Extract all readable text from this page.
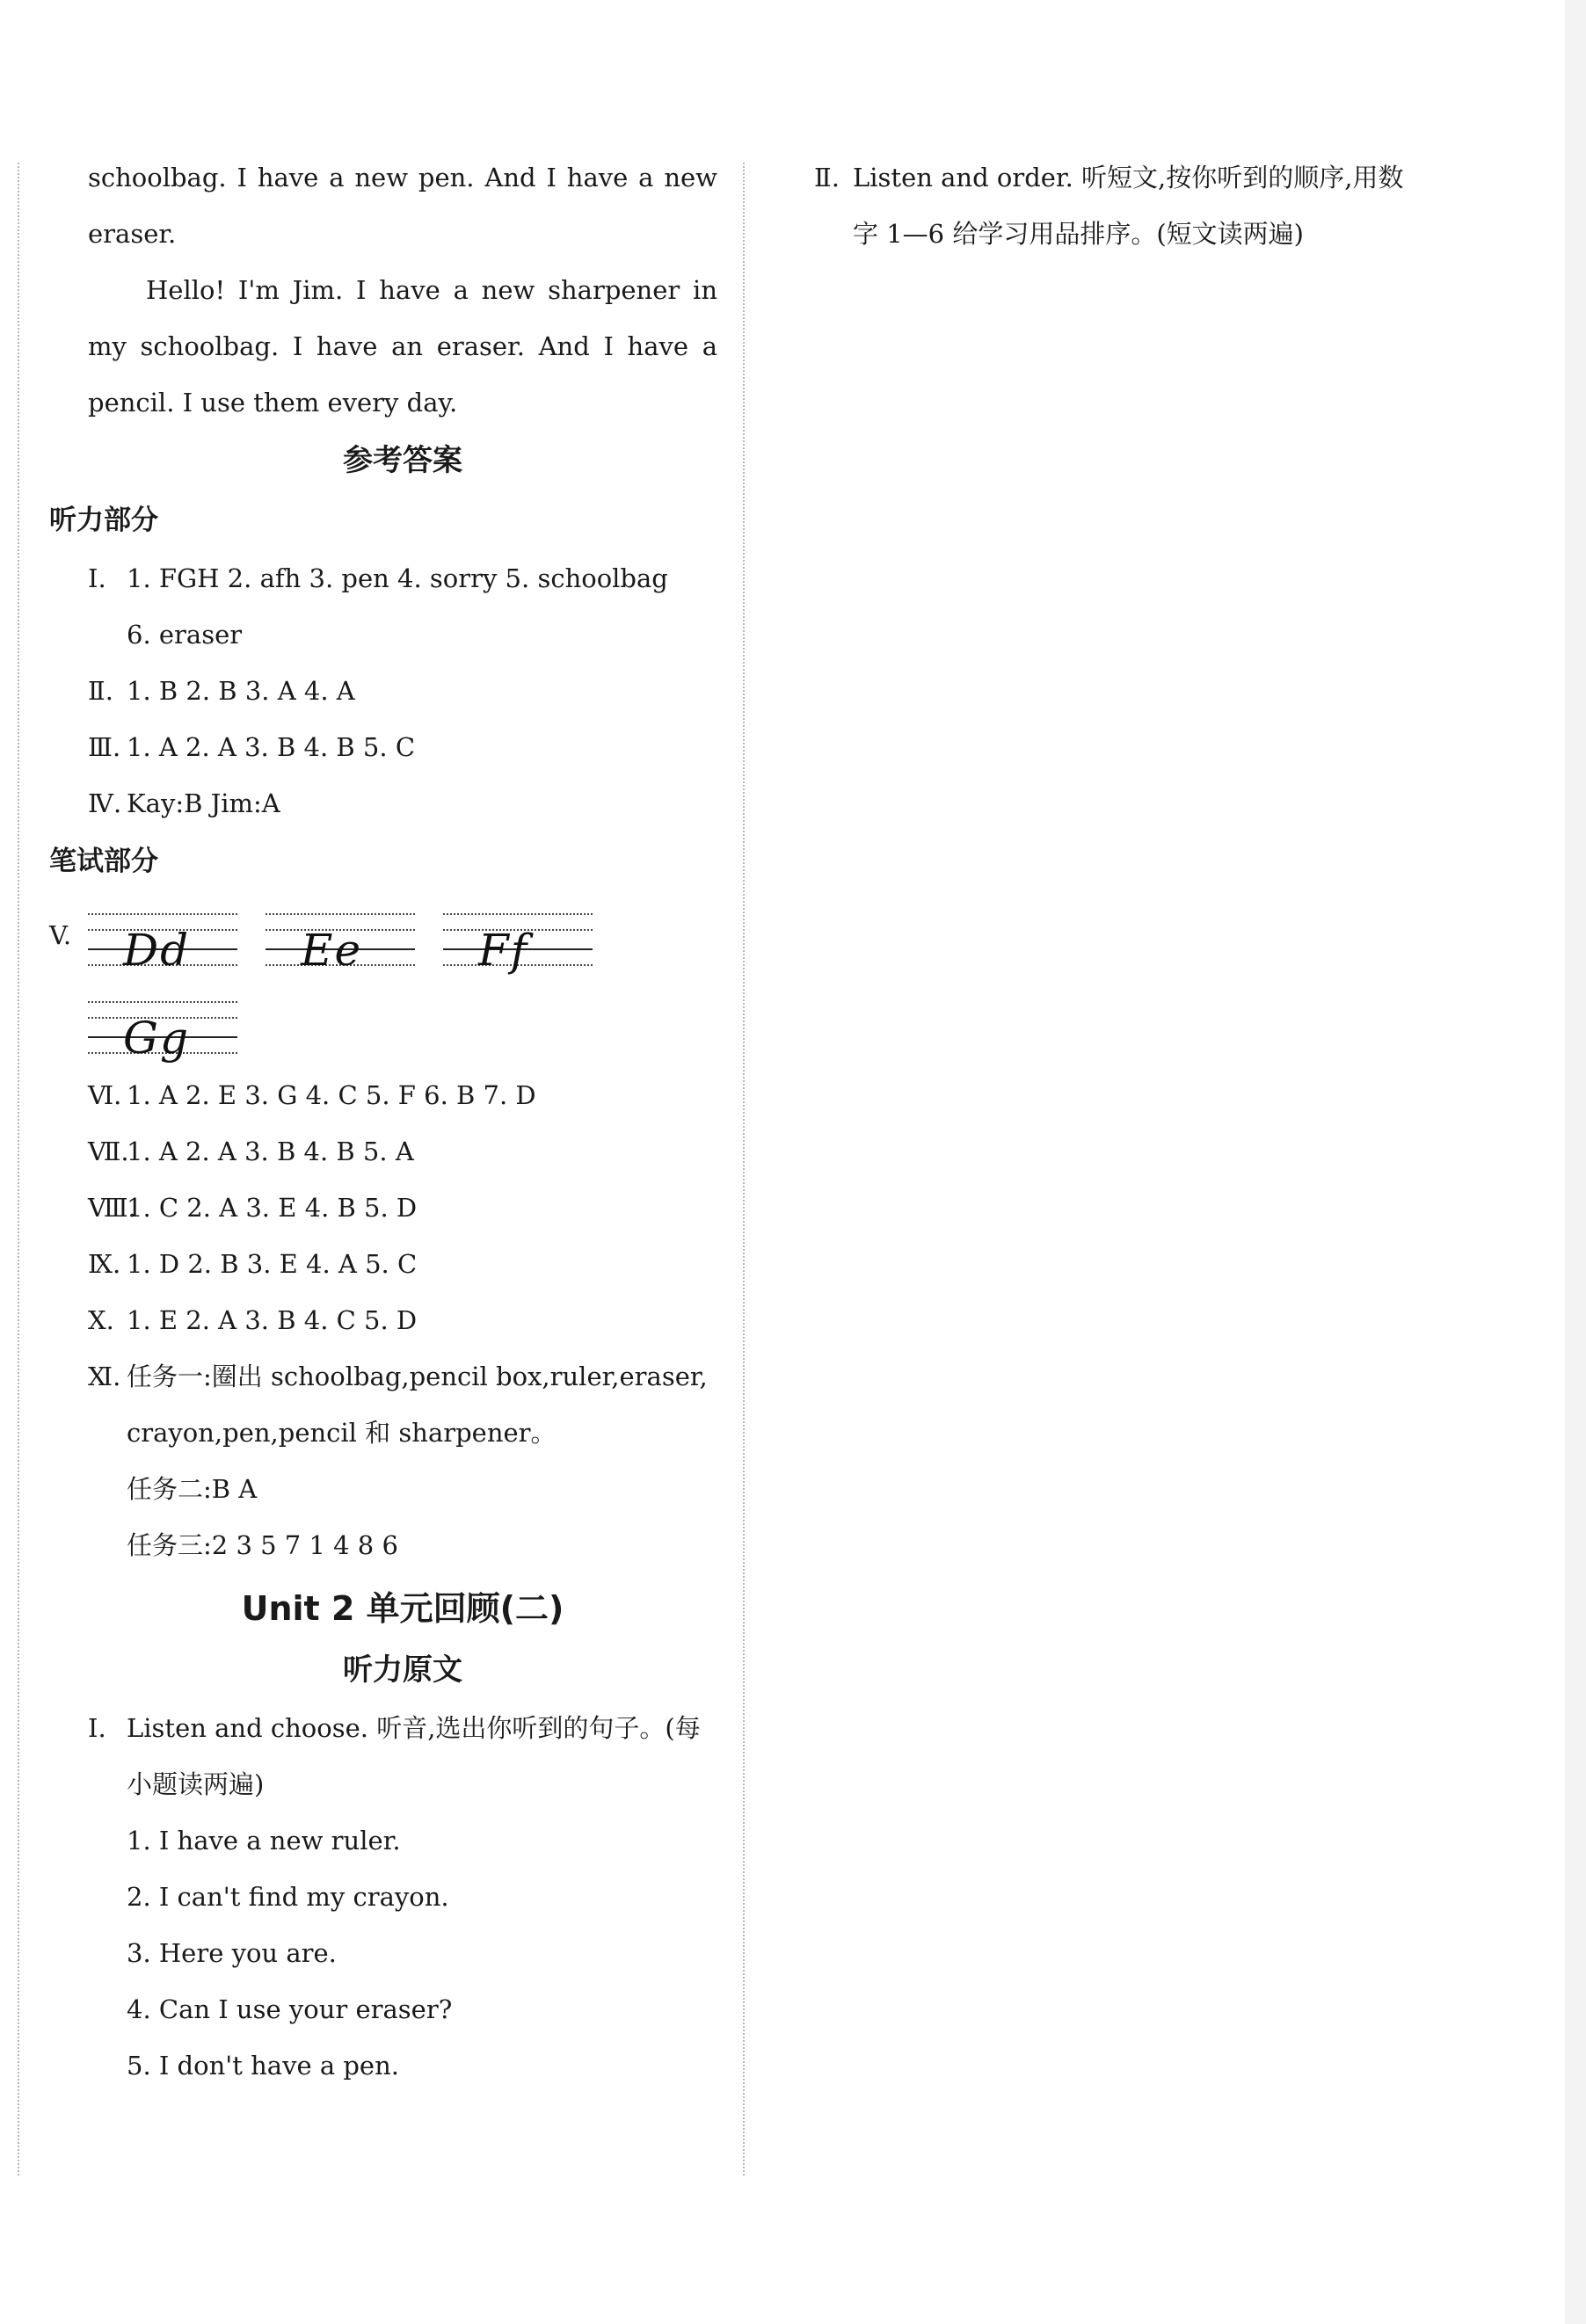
schoolbag. I have a new pen. And I have a new
eraser.
Hello! I'm Jim. I have a new sharpener in
my schoolbag. I have an eraser. And I have a
pencil. I use them every day.
参考答案
听力部分
Ⅰ. 1. FGH 2. afh 3. pen 4. sorry 5. schoolbag
6. eraser
Ⅱ. 1. B 2. B 3. A 4. A
Ⅲ. 1. A 2. A 3. B 4. B 5. C
Ⅳ. Kay:B Jim:A
笔试部分
V.	Dd	Ee	Ff
Gg
Ⅵ. 1. A 2. E 3. G 4. C 5. F 6. B 7. D
Ⅶ.1. A 2. A 3. B 4. B 5. A
Ⅷ.1. C 2. A 3. E 4. B 5. D
Ⅸ. 1. D 2. B 3. E 4. A 5. C
Ⅹ. 1. E 2. A 3. B 4. C 5. D
Ⅺ. 任务一:圈出 schoolbag,pencil box,ruler,eraser,
crayon,pen,pencil 和 sharpener。
任务二:B A
任务三:2 3 5 7 1 4 8 6
Unit 2 单元回顾(二)
听力原文
Ⅰ. Listen and choose. 听音,选出你听到的句子。(每
小题读两遍)
1. I have a new ruler.
2. I can't find my crayon.
3. Here you are.
4. Can I use your eraser?
5. I don't have a pen.
Ⅱ. Listen and order. 听短文,按你听到的顺序,用数
字 1—6 给学习用品排序。(短文读两遍)
